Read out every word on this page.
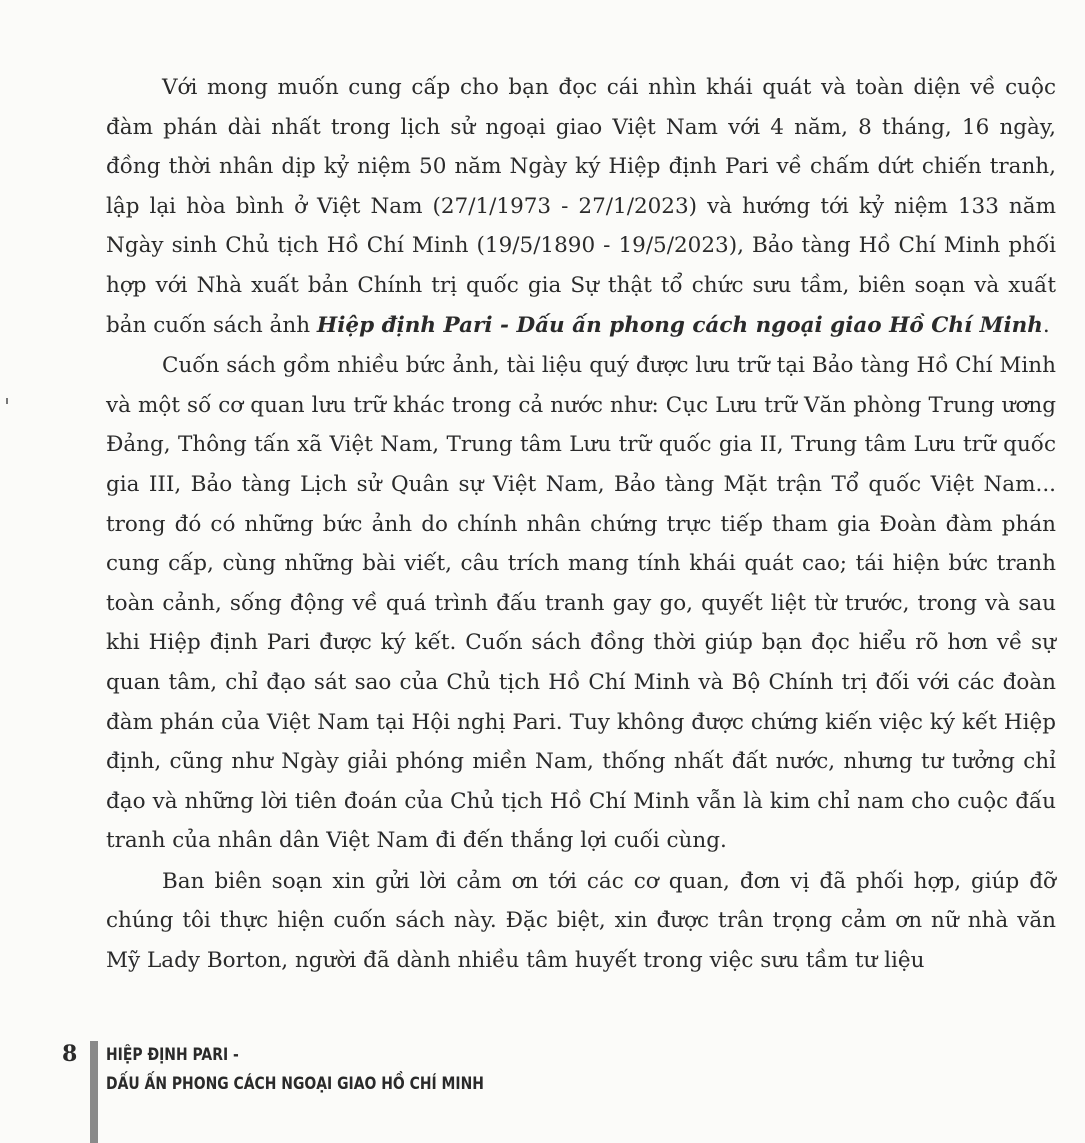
Với mong muốn cung cấp cho bạn đọc cái nhìn khái quát và toàn diện về cuộc đàm phán dài nhất trong lịch sử ngoại giao Việt Nam với 4 năm, 8 tháng, 16 ngày, đồng thời nhân dịp kỷ niệm 50 năm Ngày ký Hiệp định Pari về chấm dứt chiến tranh, lập lại hòa bình ở Việt Nam (27/1/1973 - 27/1/2023) và hướng tới kỷ niệm 133 năm Ngày sinh Chủ tịch Hồ Chí Minh (19/5/1890 - 19/5/2023), Bảo tàng Hồ Chí Minh phối hợp với Nhà xuất bản Chính trị quốc gia Sự thật tổ chức sưu tầm, biên soạn và xuất bản cuốn sách ảnh Hiệp định Pari - Dấu ấn phong cách ngoại giao Hồ Chí Minh.

Cuốn sách gồm nhiều bức ảnh, tài liệu quý được lưu trữ tại Bảo tàng Hồ Chí Minh và một số cơ quan lưu trữ khác trong cả nước như: Cục Lưu trữ Văn phòng Trung ương Đảng, Thông tấn xã Việt Nam, Trung tâm Lưu trữ quốc gia II, Trung tâm Lưu trữ quốc gia III, Bảo tàng Lịch sử Quân sự Việt Nam, Bảo tàng Mặt trận Tổ quốc Việt Nam... trong đó có những bức ảnh do chính nhân chứng trực tiếp tham gia Đoàn đàm phán cung cấp, cùng những bài viết, câu trích mang tính khái quát cao; tái hiện bức tranh toàn cảnh, sống động về quá trình đấu tranh gay go, quyết liệt từ trước, trong và sau khi Hiệp định Pari được ký kết. Cuốn sách đồng thời giúp bạn đọc hiểu rõ hơn về sự quan tâm, chỉ đạo sát sao của Chủ tịch Hồ Chí Minh và Bộ Chính trị đối với các đoàn đàm phán của Việt Nam tại Hội nghị Pari. Tuy không được chứng kiến việc ký kết Hiệp định, cũng như Ngày giải phóng miền Nam, thống nhất đất nước, nhưng tư tưởng chỉ đạo và những lời tiên đoán của Chủ tịch Hồ Chí Minh vẫn là kim chỉ nam cho cuộc đấu tranh của nhân dân Việt Nam đi đến thắng lợi cuối cùng.

Ban biên soạn xin gửi lời cảm ơn tới các cơ quan, đơn vị đã phối hợp, giúp đỡ chúng tôi thực hiện cuốn sách này. Đặc biệt, xin được trân trọng cảm ơn nữ nhà văn Mỹ Lady Borton, người đã dành nhiều tâm huyết trong việc sưu tầm tư liệu

8 HIỆP ĐỊNH PARI -
DẤU ẤN PHONG CÁCH NGOẠI GIAO HỒ CHÍ MINH
